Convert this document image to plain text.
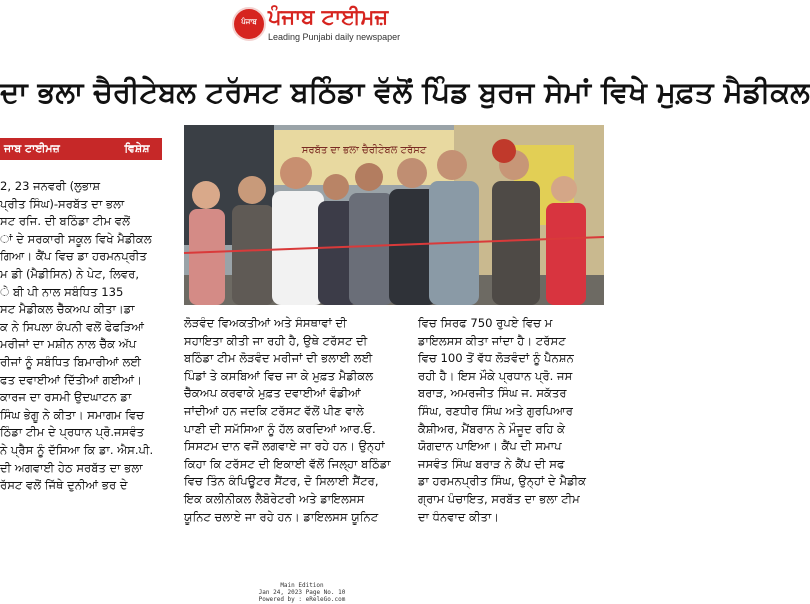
ਪੰਜਾਬ ਪੰਜਾਬ ਟਾਈਮਜ਼
Leading Punjabi daily newspaper
ਦਾ ਭਲਾ ਚੈਰੀਟੇਬਲ ਟਰੱਸਟ ਬਠਿੰਡਾ ਵੱਲੋਂ ਪਿੰਡ ਬੁਰਜ ਸੇਮਾਂ ਵਿਖੇ ਮੁਫ਼ਤ ਮੈਡੀਕਲ
ਜਾਬ ਟਾਈਮਜ਼	ਵਿਸ਼ੇਸ਼	ਸਰਬੱਤ ਦਾ ਭਲਾ ਚੈਰੀਟੇਬਲ ਟਰੱਸਟ

2, 23 ਜਨਵਰੀ (ਲੁਭਾਸ਼

ਪ੍ਰੀਤ ਸਿੰਘ)-ਸਰਬੱਤ ਦਾ ਭਲਾ

ਸਟ ਰਜਿ. ਦੀ ਬਠਿੰਡਾ ਟੀਮ ਵਲੋਂ

ਾਂ ਦੇ ਸਰਕਾਰੀ ਸਕੂਲ ਵਿਖੇ ਮੈਡੀਕਲ

ਗਿਆ। ਕੈਂਪ ਵਿਚ ਡਾ ਹਰਮਨਪ੍ਰੀਤ

ਮ ਡੀ (ਮੈਡੀਸਿਨ) ਨੇ ਪੇਟ, ਲਿਵਰ,

ੇ ਬੀ ਪੀ ਨਾਲ ਸਬੰਧਿਤ 135

ਸਟ ਮੈਡੀਕਲ ਚੈੱਕਅਪ ਕੀਤਾ।ਡਾ

ਕ ਨੇ ਸਿਪਲਾ ਕੰਪਨੀ ਵਲੋਂ ਫੇਫੜਿਆਂ

ਮਰੀਜਾਂ ਦਾ ਮਸ਼ੀਨ ਨਾਲ ਚੈੱਕ ਅੱਪ

ਰੀਜਾਂ ਨੂੰ ਸਬੰਧਿਤ ਬਿਮਾਰੀਆਂ ਲਈ

ਫਤ ਦਵਾਈਆਂ ਦਿੱਤੀਆਂ ਗਈਆਂ।

ਕਾਰਜ ਦਾ ਰਸਮੀ ਉਦਘਾਟਨ ਡਾ

ਸਿੰਘ ਭੇਗੂ ਨੇ ਕੀਤਾ। ਸਮਾਗਮ ਵਿਚ

ਠਿੰਡਾ ਟੀਮ ਦੇ ਪ੍ਰਧਾਨ ਪ੍ਰੋ.ਜਸਵੰਤ

ਨੇ ਪ੍ਰੈਸ ਨੂੰ ਦੱਸਿਆ ਕਿ ਡਾ. ਐਸ.ਪੀ.

ਦੀ ਅਗਵਾਈ ਹੇਠ ਸਰਬੱਤ ਦਾ ਭਲਾ

ਰੱਸਟ ਵਲੋਂ ਜਿੱਥੇ ਦੁਨੀਆਂ ਭਰ ਦੇ

ਲੋੜਵੰਦ ਵਿਅਕਤੀਆਂ ਅਤੇ ਸੰਸਥਾਵਾਂ ਦੀ

ਸਹਾਇਤਾ ਕੀਤੀ ਜਾ ਰਹੀ ਹੈ, ਉਥੇ ਟਰੱਸਟ ਦੀ

ਬਠਿੰਡਾ ਟੀਮ ਲੋੜਵੰਦ ਮਰੀਜਾਂ ਦੀ ਭਲਾਈ ਲਈ

ਪਿੰਡਾਂ ਤੇ ਕਸਬਿਆਂ ਵਿਚ ਜਾ ਕੇ ਮੁਫ਼ਤ ਮੈਡੀਕਲ

ਚੈੱਕਅਪ ਕਰਵਾਕੇ ਮੁਫ਼ਤ ਦਵਾਈਆਂ ਵੰਡੀਆਂ

ਜਾਂਦੀਆਂ ਹਨ ਜਦਕਿ ਟਰੱਸਟ ਵੱਲੋਂ ਪੀਣ ਵਾਲੇ

ਪਾਣੀ ਦੀ ਸਮੱਸਿਆ ਨੂੰ ਹੱਲ ਕਰਦਿਆਂ ਆਰ.ਓ.

ਸਿਸਟਮ ਦਾਨ ਵਜੋਂ ਲਗਵਾਏ ਜਾ ਰਹੇ ਹਨ। ਉਨ੍ਹਾਂ

ਕਿਹਾ ਕਿ ਟਰੱਸਟ ਦੀ ਇਕਾਈ ਵੱਲੋਂ ਜਿਲ੍ਹਾ ਬਠਿੰਡਾ

ਵਿਚ ਤਿੰਨ ਕੰਪਿਊਟਰ ਸੈਂਟਰ, ਦੋ ਸਿਲਾਈ ਸੈਂਟਰ,

ਇਕ ਕਲੀਨੀਕਲ ਲੈਬੋਰੇਟਰੀ ਅਤੇ ਡਾਇਲਸਸ

ਯੂਨਿਟ ਚਲਾਏ ਜਾ ਰਹੇ ਹਨ। ਡਾਇਲਸਸ ਯੂਨਿਟ

ਵਿਚ ਸਿਰਫ 750 ਰੁਪਏ ਵਿਚ ਮ

ਡਾਇਲਸਸ ਕੀਤਾ ਜਾਂਦਾ ਹੈ। ਟਰੱਸਟ

ਵਿਚ 100 ਤੋਂ ਵੱਧ ਲੋੜਵੰਦਾਂ ਨੂੰ ਪੈਨਸ਼ਨ

ਰਹੀ ਹੈ। ਇਸ ਮੌਕੇ ਪ੍ਰਧਾਨ ਪ੍ਰੋ. ਜਸ

ਬਰਾੜ, ਅਮਰਜੀਤ ਸਿੰਘ ਜ. ਸਕੱਤਰ

ਸਿੰਘ, ਰਣਧੀਰ ਸਿੰਘ ਅਤੇ ਗੁਰਪਿਆਰ

ਕੈਸ਼ੀਅਰ, ਮੈਂਬਰਾਨ ਨੇ ਮੌਜੂਦ ਰਹਿ ਕੇ

ਯੋਗਦਾਨ ਪਾਇਆ। ਕੈਂਪ ਦੀ ਸਮਾਪ

ਜਸਵੰਤ ਸਿੰਘ ਬਰਾੜ ਨੇ ਕੈਂਪ ਦੀ ਸਫ

ਡਾ ਹਰਮਨਪ੍ਰੀਤ ਸਿੰਘ, ਉਨ੍ਹਾਂ ਦੇ ਮੈਡੀਕ

ਗ੍ਰਾਮ ਪੰਚਾਇਤ, ਸਰਬੱਤ ਦਾ ਭਲਾ ਟੀਮ

ਦਾ ਧੰਨਵਾਦ ਕੀਤਾ।

Main Edition
Jan 24, 2023 Page No. 10
Powered by : eReleGo.com
